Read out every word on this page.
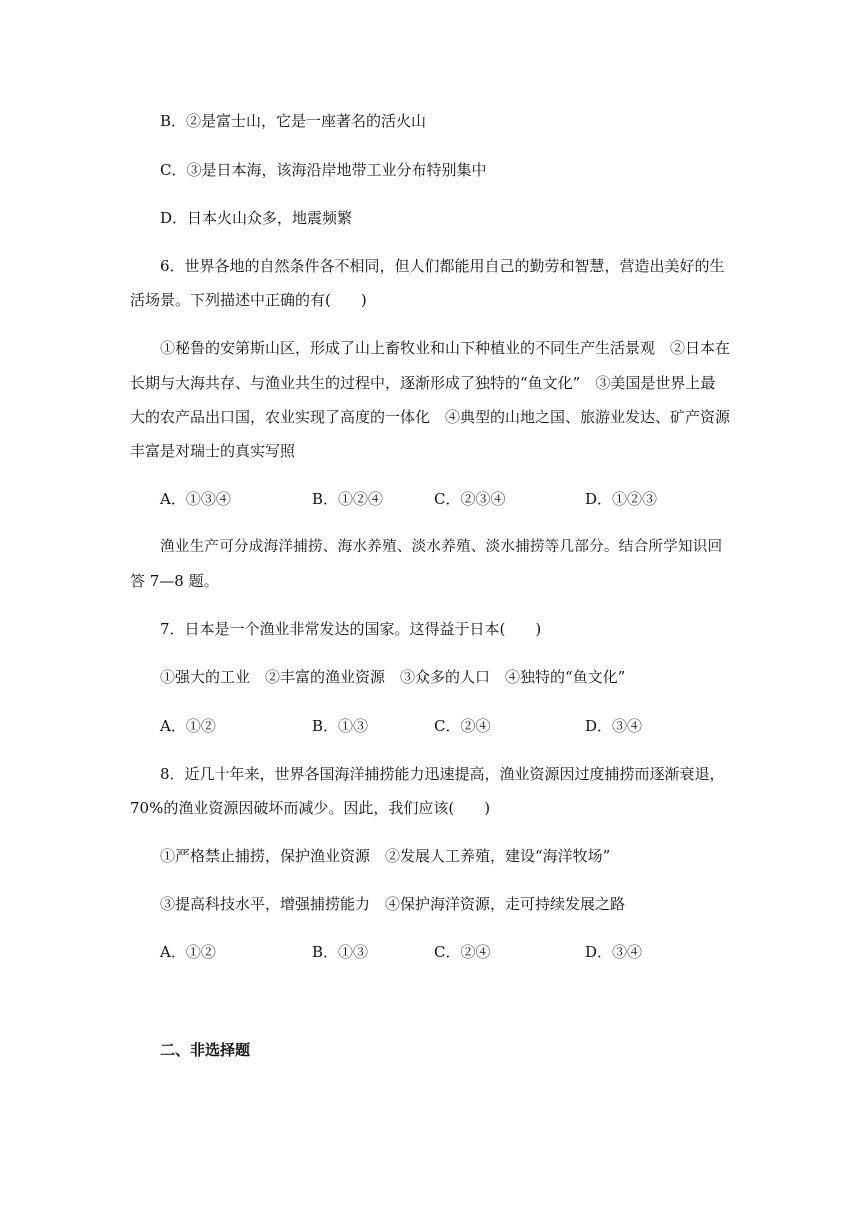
B．②是富士山，它是一座著名的活火山
C．③是日本海，该海沿岸地带工业分布特别集中
D．日本火山众多，地震频繁
6．世界各地的自然条件各不相同，但人们都能用自己的勤劳和智慧，营造出美好的生
活场景。下列描述中正确的有(　　)
①秘鲁的安第斯山区，形成了山上畜牧业和山下种植业的不同生产生活景观　②日本在
长期与大海共存、与渔业共生的过程中，逐渐形成了独特的“鱼文化”　③美国是世界上最
大的农产品出口国，农业实现了高度的一体化　④典型的山地之国、旅游业发达、矿产资源
丰富是对瑞士的真实写照
A．①③④	B．①②④	C．②③④	D．①②③
渔业生产可分成海洋捕捞、海水养殖、淡水养殖、淡水捕捞等几部分。结合所学知识回
答 7—8 题。
7．日本是一个渔业非常发达的国家。这得益于日本(　　)
①强大的工业　②丰富的渔业资源　③众多的人口　④独特的“鱼文化”
A．①②	B．①③	C．②④	D．③④
8．近几十年来，世界各国海洋捕捞能力迅速提高，渔业资源因过度捕捞而逐渐衰退，
70%的渔业资源因破坏而减少。因此，我们应该(　　)
①严格禁止捕捞，保护渔业资源　②发展人工养殖，建设“海洋牧场”
③提高科技水平，增强捕捞能力　④保护海洋资源，走可持续发展之路
A．①②	B．①③	C．②④	D．③④
二、非选择题
